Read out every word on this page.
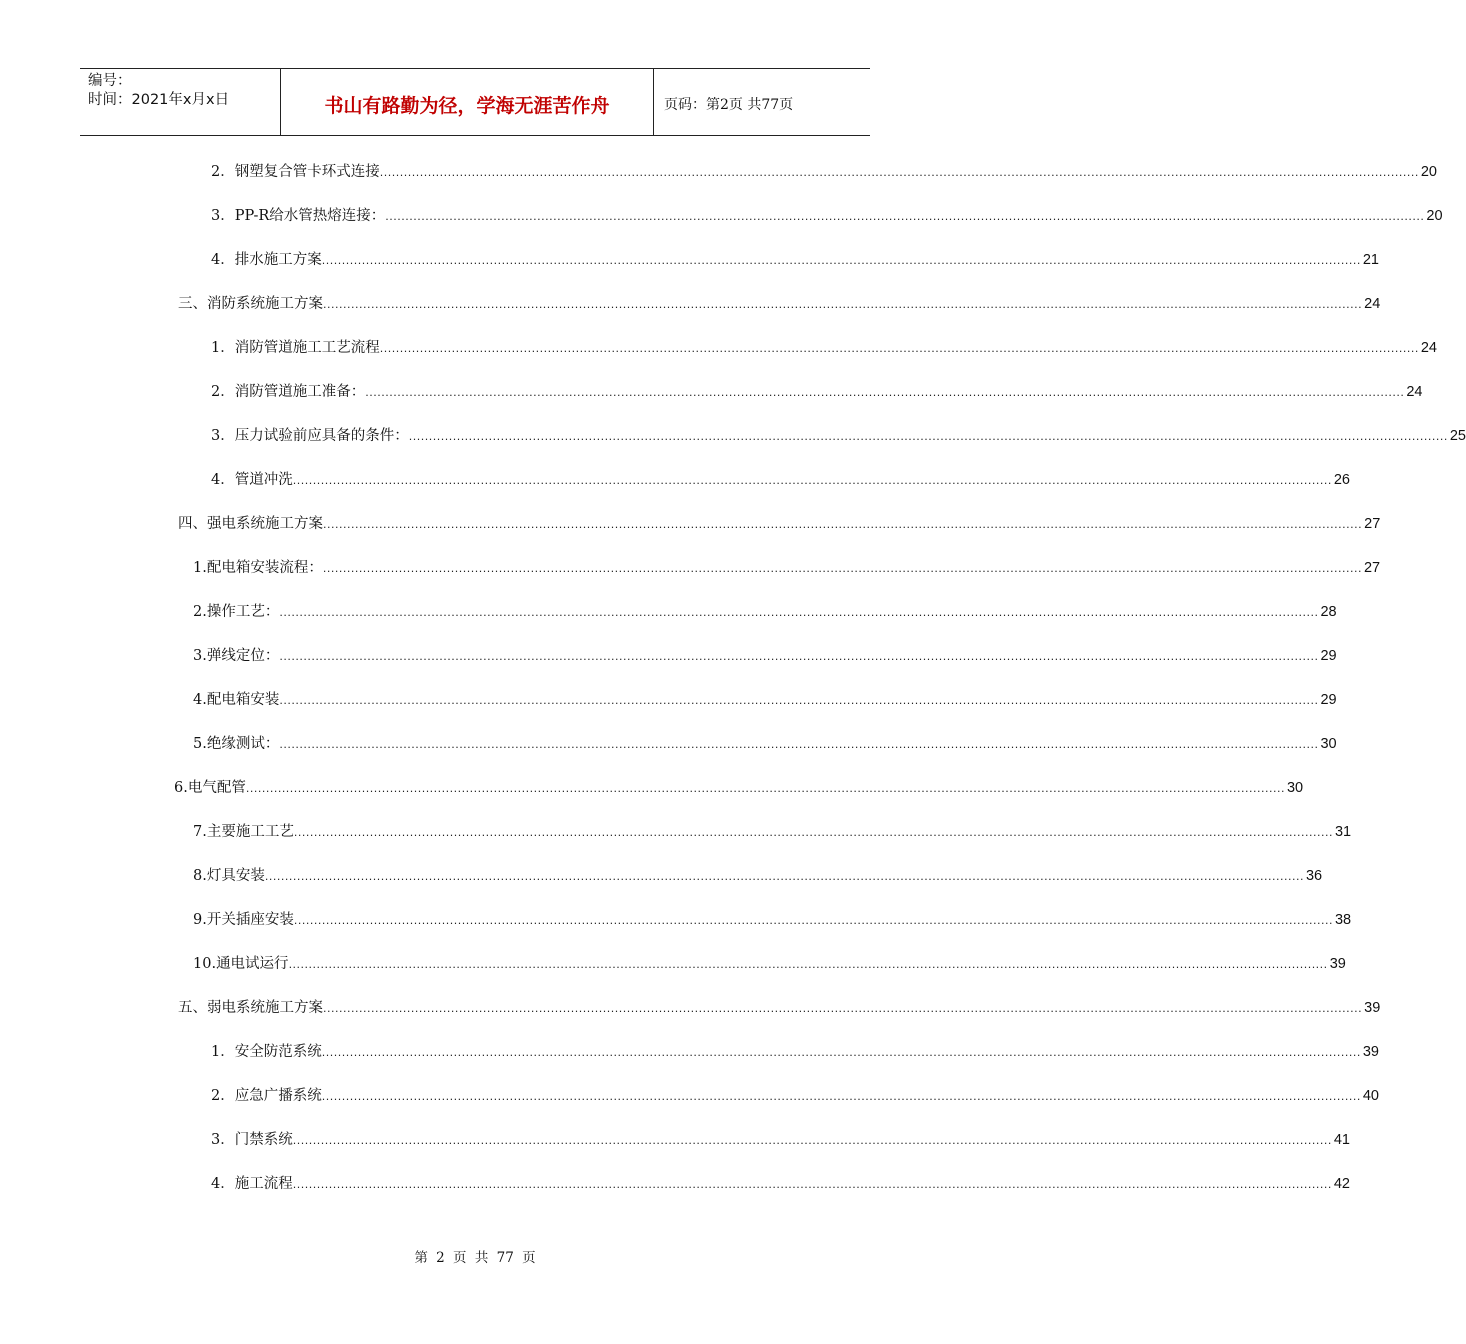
编号：
时间：2021年x月x日	书山有路勤为径，学海无涯苦作舟	页码：第2页 共77页
2． 钢塑复合管卡环式连接 .................................................................................................................................................................................................................................................................... 20
3． PP-R给水管热熔连接： .................................................................................................................................................................................................................................................................... 20
4． 排水施工方案 .................................................................................................................................................................................................................................................................... 21
三、 消防系统施工方案 .................................................................................................................................................................................................................................................................... 24
1． 消防管道施工工艺流程 .................................................................................................................................................................................................................................................................... 24
2． 消防管道施工准备： .................................................................................................................................................................................................................................................................... 24
3． 压力试验前应具备的条件： .................................................................................................................................................................................................................................................................... 25
4． 管道冲洗 .................................................................................................................................................................................................................................................................... 26
四、 强电系统施工方案 .................................................................................................................................................................................................................................................................... 27
1. 配电箱安装流程： .................................................................................................................................................................................................................................................................... 27
2. 操作工艺： .................................................................................................................................................................................................................................................................... 28
3. 弹线定位： .................................................................................................................................................................................................................................................................... 29
4. 配电箱安装 .................................................................................................................................................................................................................................................................... 29
5. 绝缘测试： .................................................................................................................................................................................................................................................................... 30
6. 电气配管 .................................................................................................................................................................................................................................................................... 30
7. 主要施工工艺 .................................................................................................................................................................................................................................................................... 31
8. 灯具安装 .................................................................................................................................................................................................................................................................... 36
9. 开关插座安装 .................................................................................................................................................................................................................................................................... 38
10. 通电试运行 .................................................................................................................................................................................................................................................................... 39
五、 弱电系统施工方案 .................................................................................................................................................................................................................................................................... 39
1． 安全防范系统 .................................................................................................................................................................................................................................................................... 39
2． 应急广播系统 .................................................................................................................................................................................................................................................................... 40
3． 门禁系统 .................................................................................................................................................................................................................................................................... 41
4． 施工流程 .................................................................................................................................................................................................................................................................... 42
第 2 页 共 77 页
